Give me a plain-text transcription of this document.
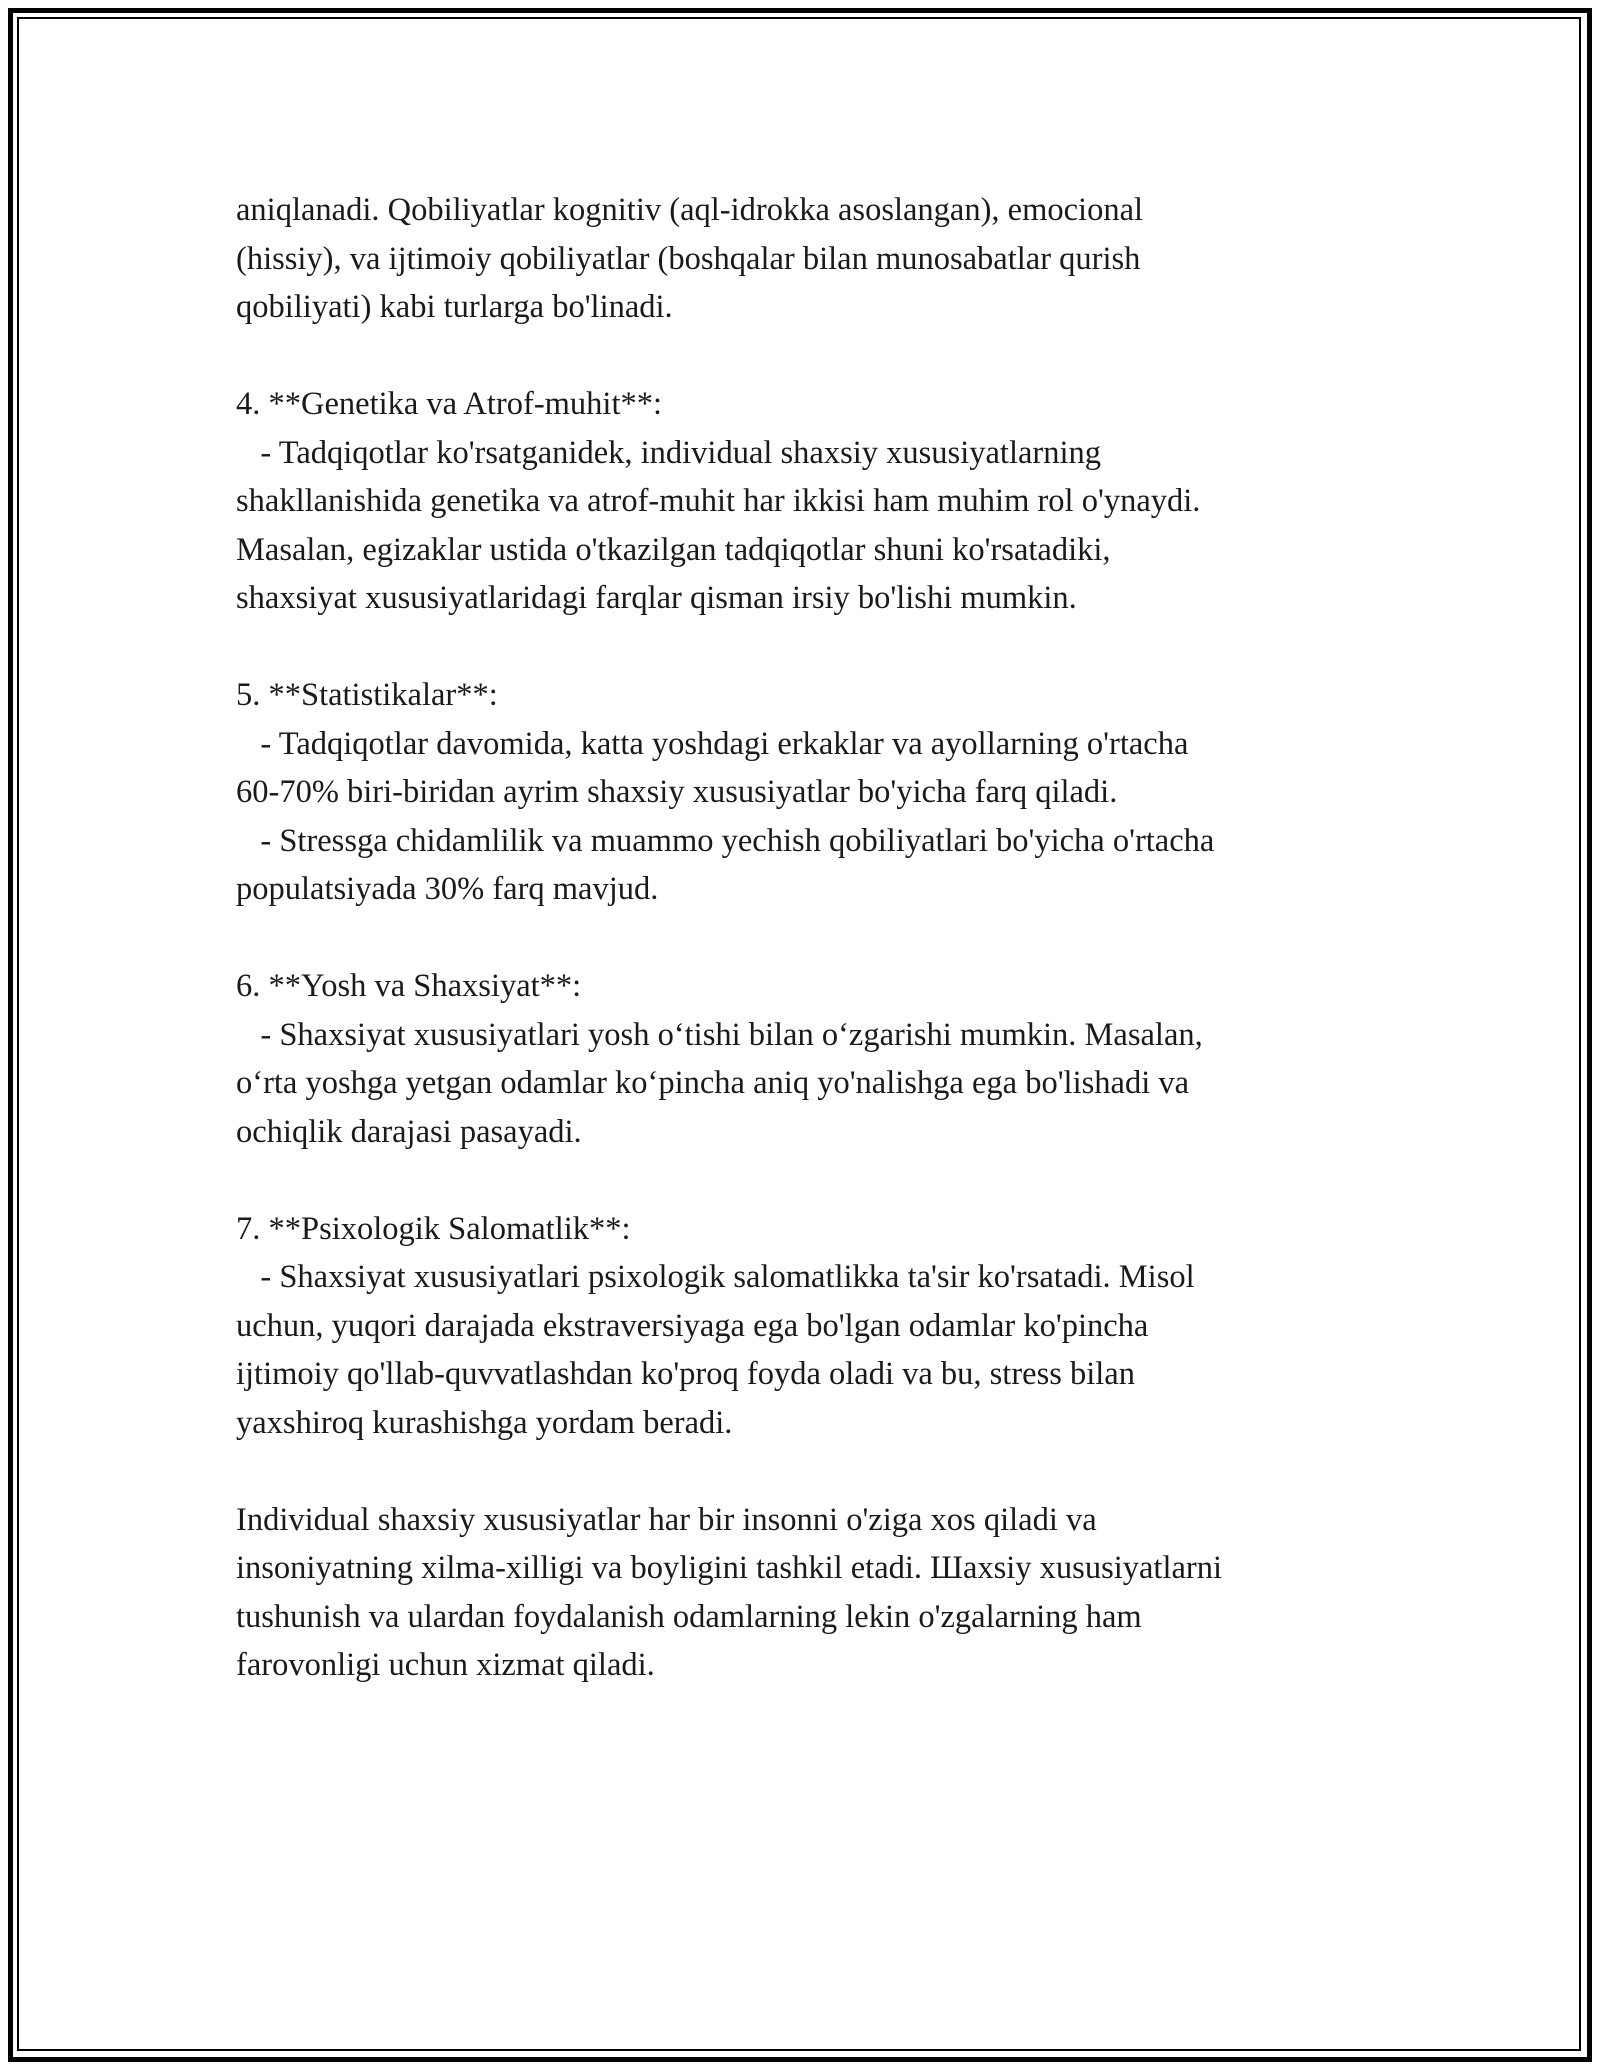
aniqlanadi. Qobiliyatlar kognitiv (aql-idrokka asoslangan), emocional
(hissiy), va ijtimoiy qobiliyatlar (boshqalar bilan munosabatlar qurish
qobiliyati) kabi turlarga bo'linadi.
4. **Genetika va Atrof-muhit**:
- Tadqiqotlar ko'rsatganidek, individual shaxsiy xususiyatlarning
shakllanishida genetika va atrof-muhit har ikkisi ham muhim rol o'ynaydi.
Masalan, egizaklar ustida o'tkazilgan tadqiqotlar shuni ko'rsatadiki,
shaxsiyat xususiyatlaridagi farqlar qisman irsiy bo'lishi mumkin.
5. **Statistikalar**:
- Tadqiqotlar davomida, katta yoshdagi erkaklar va ayollarning o'rtacha
60-70% biri-biridan ayrim shaxsiy xususiyatlar bo'yicha farq qiladi.
- Stressga chidamlilik va muammo yechish qobiliyatlari bo'yicha o'rtacha
populatsiyada 30% farq mavjud.
6. **Yosh va Shaxsiyat**:
- Shaxsiyat xususiyatlari yosh o‘tishi bilan o‘zgarishi mumkin. Masalan,
o‘rta yoshga yetgan odamlar ko‘pincha aniq yo'nalishga ega bo'lishadi va
ochiqlik darajasi pasayadi.
7. **Psixologik Salomatlik**:
- Shaxsiyat xususiyatlari psixologik salomatlikka ta'sir ko'rsatadi. Misol
uchun, yuqori darajada ekstraversiyaga ega bo'lgan odamlar ko'pincha
ijtimoiy qo'llab-quvvatlashdan ko'proq foyda oladi va bu, stress bilan
yaxshiroq kurashishga yordam beradi.
Individual shaxsiy xususiyatlar har bir insonni o'ziga xos qiladi va
insoniyatning xilma-xilligi va boyligini tashkil etadi. Шaxsiy xususiyatlarni
tushunish va ulardan foydalanish odamlarning lekin o'zgalarning ham
farovonligi uchun xizmat qiladi.
